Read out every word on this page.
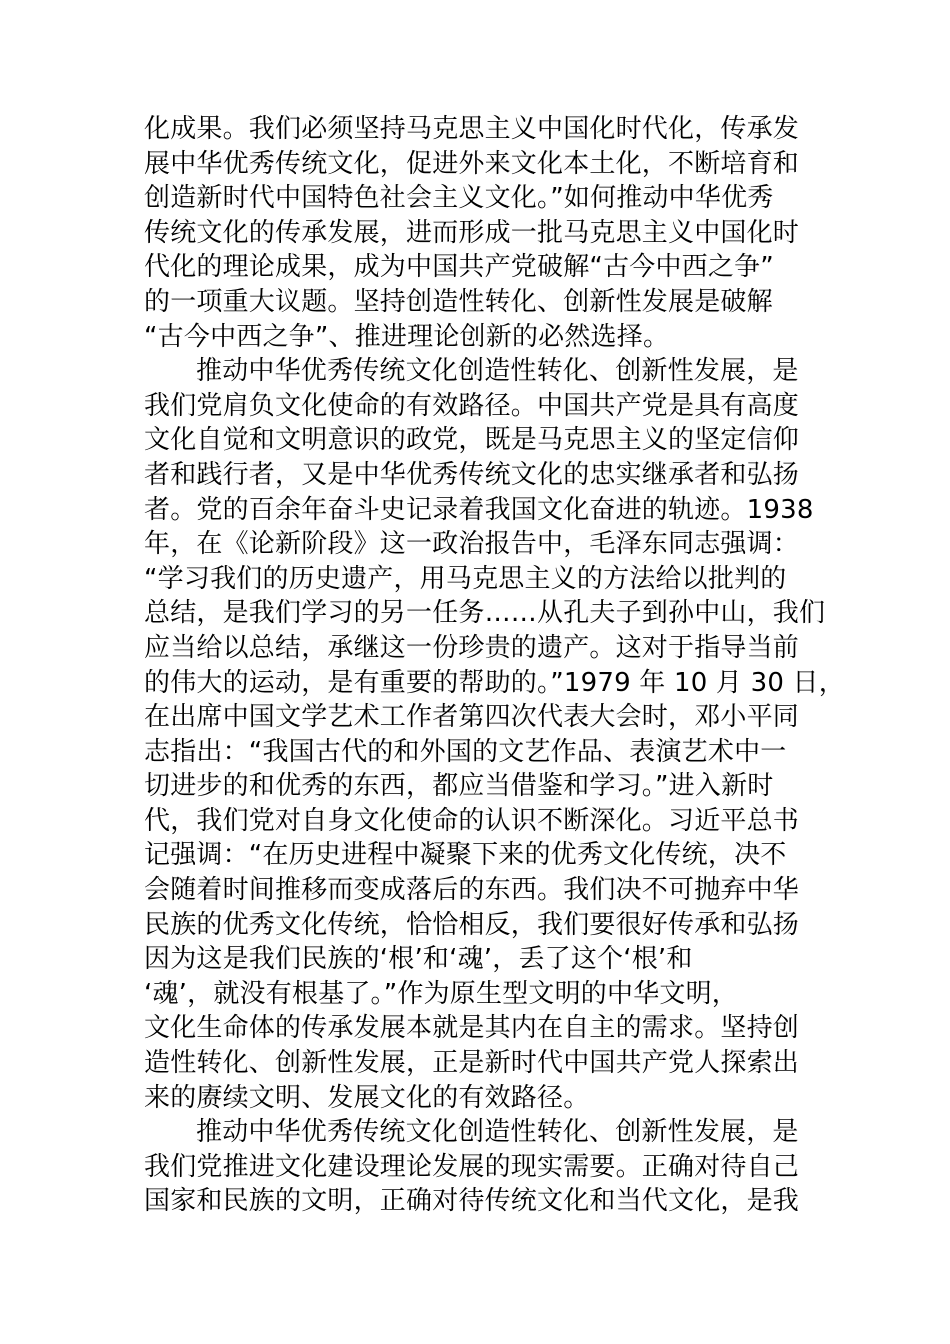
化成果。我们必须坚持马克思主义中国化时代化，传承发
展中华优秀传统文化，促进外来文化本土化，不断培育和
创造新时代中国特色社会主义文化。”如何推动中华优秀
传统文化的传承发展，进而形成一批马克思主义中国化时
代化的理论成果，成为中国共产党破解“古今中西之争”
的一项重大议题。坚持创造性转化、创新性发展是破解
“古今中西之争”、推进理论创新的必然选择。
推动中华优秀传统文化创造性转化、创新性发展，是
我们党肩负文化使命的有效路径。中国共产党是具有高度
文化自觉和文明意识的政党，既是马克思主义的坚定信仰
者和践行者，又是中华优秀传统文化的忠实继承者和弘扬
者。党的百余年奋斗史记录着我国文化奋进的轨迹。1938
年，在《论新阶段》这一政治报告中，毛泽东同志强调：
“学习我们的历史遗产，用马克思主义的方法给以批判的
总结，是我们学习的另一任务……从孔夫子到孙中山，我们
应当给以总结，承继这一份珍贵的遗产。这对于指导当前
的伟大的运动，是有重要的帮助的。”1979 年 10 月 30 日，
在出席中国文学艺术工作者第四次代表大会时，邓小平同
志指出：“我国古代的和外国的文艺作品、表演艺术中一
切进步的和优秀的东西，都应当借鉴和学习。”进入新时
代，我们党对自身文化使命的认识不断深化。习近平总书
记强调：“在历史进程中凝聚下来的优秀文化传统，决不
会随着时间推移而变成落后的东西。我们决不可抛弃中华
民族的优秀文化传统，恰恰相反，我们要很好传承和弘扬
因为这是我们民族的‘根’和‘魂’，丢了这个‘根’和
‘魂’，就没有根基了。”作为原生型文明的中华文明，
文化生命体的传承发展本就是其内在自主的需求。坚持创
造性转化、创新性发展，正是新时代中国共产党人探索出
来的赓续文明、发展文化的有效路径。
推动中华优秀传统文化创造性转化、创新性发展，是
我们党推进文化建设理论发展的现实需要。正确对待自己
国家和民族的文明，正确对待传统文化和当代文化，是我
